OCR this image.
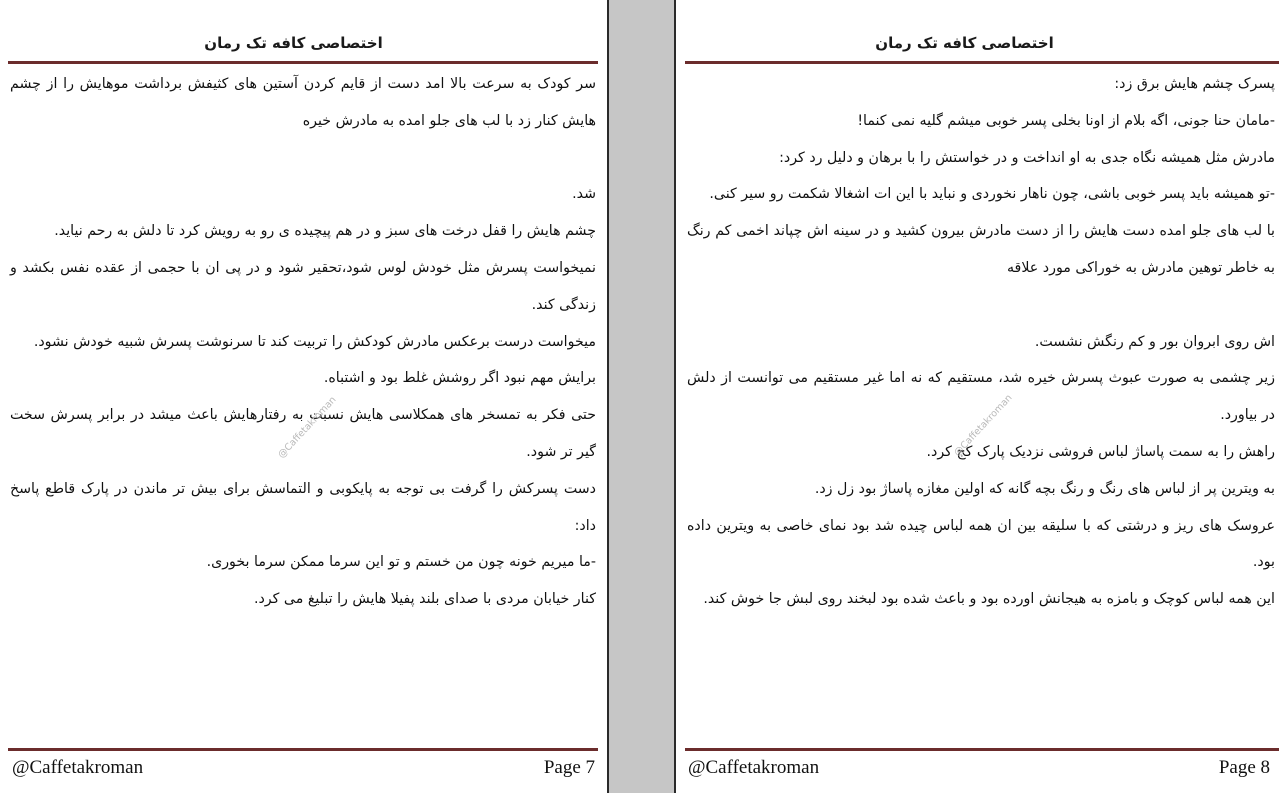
اختصاصی کافه تک رمان

سر کودک به سرعت بالا امد دست از قایم کردن آستین های کثیفش برداشت موهایش را از چشم هایش کنار زد با لب های جلو امده به مادرش خیره

شد.

چشم هایش را قفل درخت های سبز و در هم پیچیده ی رو به رویش کرد تا دلش به رحم نیاید.

نمیخواست پسرش مثل خودش لوس شود،تحقیر شود و در پی ان با حجمی از عقده نفس بکشد و زندگی کند.

میخواست درست برعکس مادرش کودکش را تربیت کند تا سرنوشت پسرش شبیه خودش نشود.

برایش مهم نبود اگر روشش غلط بود و اشتباه.

حتی فکر به تمسخر های همکلاسی هایش نسبت به رفتارهایش باعث میشد در برابر پسرش سخت گیر تر شود.

دست پسرکش را گرفت بی توجه به پایکوبی و التماسش برای بیش تر ماندن در پارک قاطع پاسخ داد:

-ما میریم خونه چون من خستم و تو این سرما ممکن سرما بخوری.

کنار خیابان مردی با صدای بلند پفیلا هایش را تبلیغ می کرد.

@Caffetakroman
@Caffetakroman	Page 7
اختصاصی کافه تک رمان

پسرک چشم هایش برق زد:

-مامان حنا جونی، اگه بلام از اونا بخلی پسر خوبی میشم گلیه نمی کنما!

مادرش مثل همیشه نگاه جدی به او انداخت و در خواستش را با برهان و دلیل رد کرد:

-تو همیشه باید پسر خوبی باشی، چون ناهار نخوردی و نباید با این ات اشغالا شکمت رو سیر کنی.

با لب های جلو امده دست هایش را از دست مادرش بیرون کشید و در سینه اش چپاند اخمی کم رنگ به خاطر توهین مادرش به خوراکی مورد علاقه

اش روی ابروان بور و کم رنگش نشست.

زیر چشمی به صورت عبوث پسرش خیره شد، مستقیم که نه اما غیر مستقیم می توانست از دلش در بیاورد.

راهش را به سمت پاساژ لباس فروشی نزدیک پارک کج کرد.

به ویترین پر از لباس های رنگ و رنگ بچه گانه که اولین مغازه پاساژ بود زل زد.

عروسک های ریز و درشتی که با سلیقه بین ان همه لباس چیده شد بود نمای خاصی به ویترین داده بود.

این همه لباس کوچک و بامزه به هیجانش اورده بود و باعث شده بود لبخند روی لبش جا خوش کند.

@Caffetakroman
@Caffetakroman	Page 8
